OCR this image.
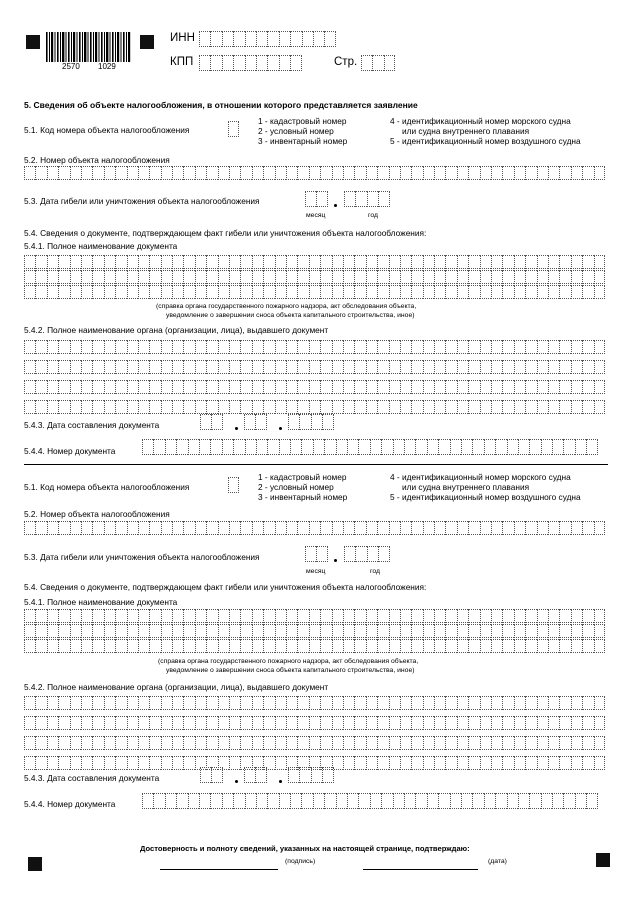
2570 1029
ИНН
КПП	Стр.
5. Сведения об объекте налогообложения, в отношении которого представляется заявление
5.1. Код номера объекта налогообложения
1 - кадастровый номер
2 - условный номер
3 - инвентарный номер
4 - идентификационный номер морского судна
или судна внутреннего плавания
5 - идентификационный номер воздушного судна
5.2. Номер объекта налогообложения
5.3. Дата гибели или уничтожения объекта налогообложения
месяц	год
5.4. Сведения о документе, подтверждающем факт гибели или уничтожения объекта налогообложения:
5.4.1. Полное наименование документа
(справка органа государственного пожарного надзора, акт обследования объекта,
уведомление о завершении сноса объекта капитального строительства, иное)
5.4.2. Полное наименование органа (организации, лица), выдавшего документ
5.4.3. Дата составления документа
5.4.4. Номер документа
5.1. Код номера объекта налогообложения
1 - кадастровый номер
2 - условный номер
3 - инвентарный номер
4 - идентификационный номер морского судна
или судна внутреннего плавания
5 - идентификационный номер воздушного судна
5.2. Номер объекта налогообложения
5.3. Дата гибели или уничтожения объекта налогообложения
месяц	год
5.4. Сведения о документе, подтверждающем факт гибели или уничтожения объекта налогообложения:
5.4.1. Полное наименование документа
(справка органа государственного пожарного надзора, акт обследования объекта,
уведомление о завершении сноса объекта капитального строительства, иное)
5.4.2. Полное наименование органа (организации, лица), выдавшего документ
5.4.3. Дата составления документа
5.4.4. Номер документа
Достоверность и полноту сведений, указанных на настоящей странице, подтверждаю:
(подпись)	(дата)
